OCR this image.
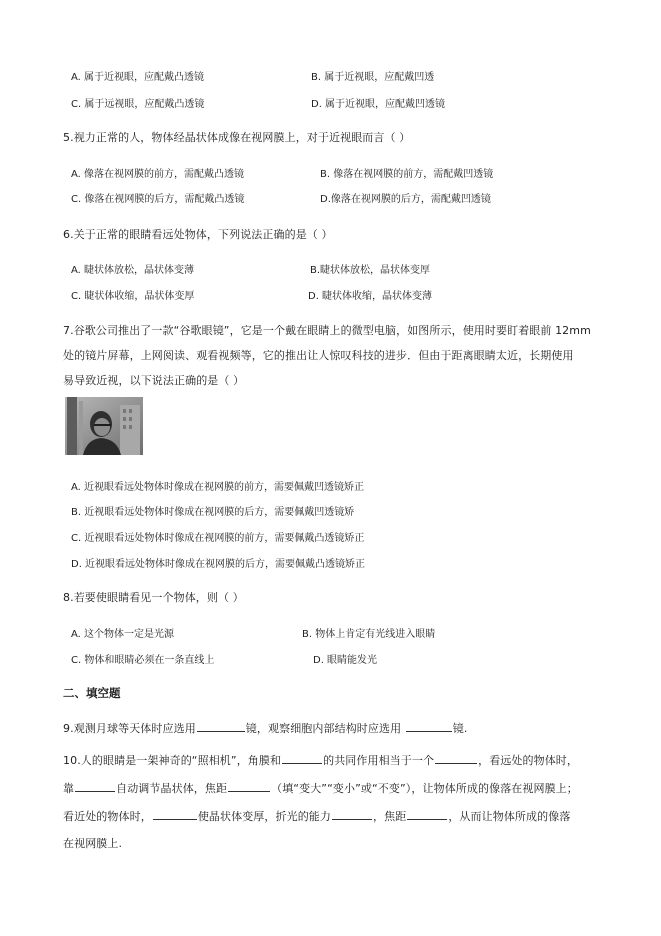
A. 属于近视眼，应配戴凸透镜	B. 属于近视眼，应配戴凹透
C. 属于远视眼，应配戴凸透镜	D. 属于近视眼，应配戴凹透镜
5.视力正常的人，物体经晶状体成像在视网膜上，对于近视眼而言（ ）
A. 像落在视网膜的前方，需配戴凸透镜	B. 像落在视网膜的前方，需配戴凹透镜
C. 像落在视网膜的后方，需配戴凸透镜	D.像落在视网膜的后方，需配戴凹透镜
6.关于正常的眼睛看远处物体，下列说法正确的是（ ）
A. 睫状体放松，晶状体变薄	B.睫状体放松，晶状体变厚
C. 睫状体收缩，晶状体变厚	D. 睫状体收缩，晶状体变薄
7.谷歌公司推出了一款“谷歌眼镜”，它是一个戴在眼睛上的微型电脑，如图所示，使用时要盯着眼前 12mm
处的镜片屏幕，上网阅读、观看视频等，它的推出让人惊叹科技的进步．但由于距离眼睛太近，长期使用
易导致近视，以下说法正确的是（ ）
A. 近视眼看远处物体时像成在视网膜的前方，需要佩戴凹透镜矫正
B. 近视眼看远处物体时像成在视网膜的后方，需要佩戴凹透镜矫
C. 近视眼看远处物体时像成在视网膜的前方，需要佩戴凸透镜矫正
D. 近视眼看远处物体时像成在视网膜的后方，需要佩戴凸透镜矫正
8.若要使眼睛看见一个物体，则（ ）
A. 这个物体一定是光源	B. 物体上肯定有光线进入眼睛
C. 物体和眼睛必须在一条直线上	D. 眼睛能发光
二、填空题
9.观测月球等天体时应选用	镜，观察细胞内部结构时应选用	镜.
10.人的眼睛是一架神奇的“照相机”，角膜和	的共同作用相当于一个	，看远处的物体时，
靠	自动调节晶状体，焦距	（填“变大”“变小”或“不变”），让物体所成的像落在视网膜上；
看近处的物体时，	使晶状体变厚，折光的能力	，焦距	，从而让物体所成的像落
在视网膜上.
